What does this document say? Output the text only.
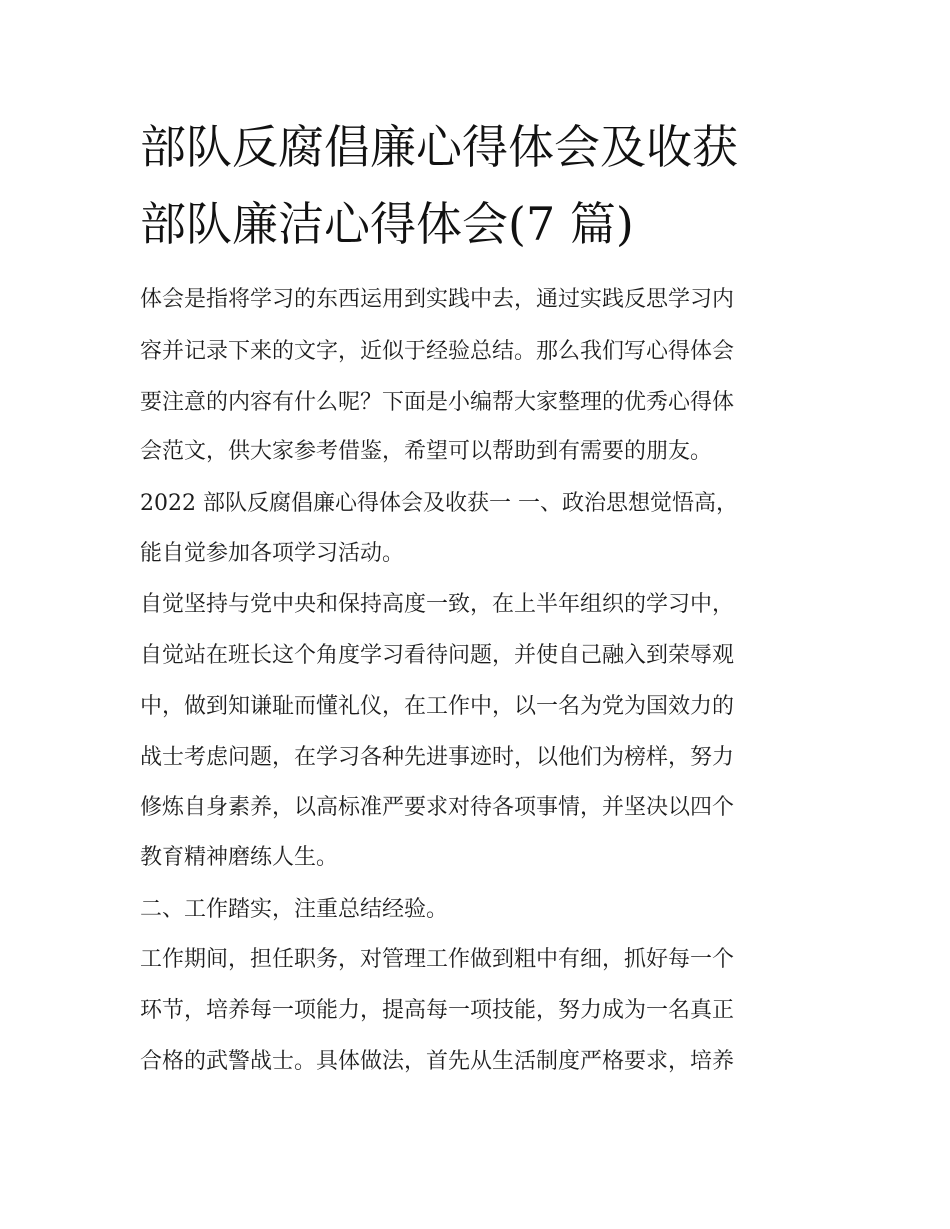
部队反腐倡廉心得体会及收获
部队廉洁心得体会(7 篇)
体会是指将学习的东西运用到实践中去，通过实践反思学习内
容并记录下来的文字，近似于经验总结。那么我们写心得体会
要注意的内容有什么呢？下面是小编帮大家整理的优秀心得体
会范文，供大家参考借鉴，希望可以帮助到有需要的朋友。
2022 部队反腐倡廉心得体会及收获一 一、政治思想觉悟高，
能自觉参加各项学习活动。
自觉坚持与党中央和保持高度一致，在上半年组织的学习中，
自觉站在班长这个角度学习看待问题，并使自己融入到荣辱观
中，做到知谦耻而懂礼仪，在工作中，以一名为党为国效力的
战士考虑问题，在学习各种先进事迹时，以他们为榜样，努力
修炼自身素养，以高标准严要求对待各项事情，并坚决以四个
教育精神磨练人生。
二、工作踏实，注重总结经验。
工作期间，担任职务，对管理工作做到粗中有细，抓好每一个
环节，培养每一项能力，提高每一项技能，努力成为一名真正
合格的武警战士。具体做法，首先从生活制度严格要求，培养
